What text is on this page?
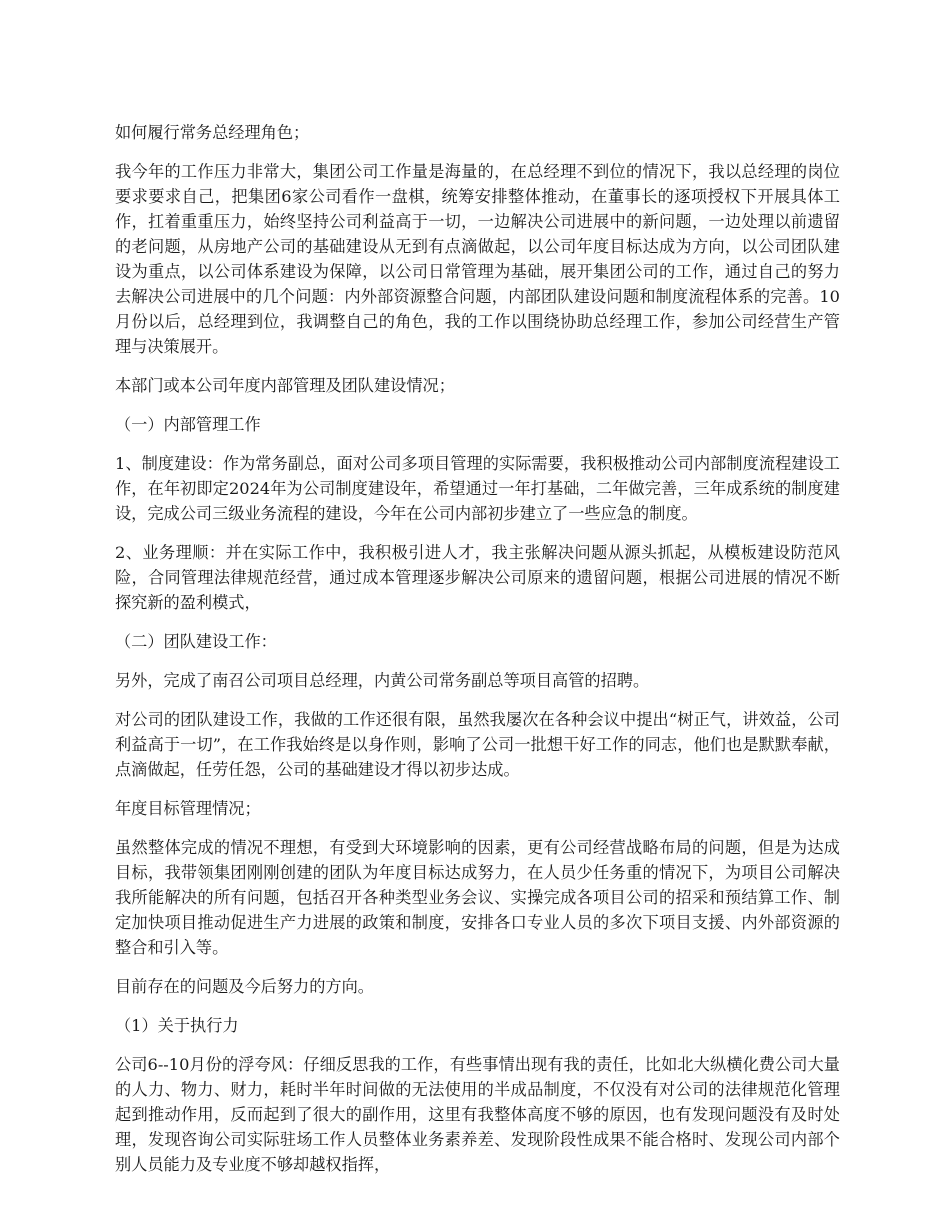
如何履行常务总经理角色；

我今年的工作压力非常大，集团公司工作量是海量的，在总经理不到位的情况下，我以总经理的岗位要求要求自己，把集团6家公司看作一盘棋，统筹安排整体推动，在董事长的逐项授权下开展具体工作，扛着重重压力，始终坚持公司利益高于一切，一边解决公司进展中的新问题，一边处理以前遗留的老问题，从房地产公司的基础建设从无到有点滴做起，以公司年度目标达成为方向，以公司团队建设为重点，以公司体系建设为保障，以公司日常管理为基础，展开集团公司的工作，通过自己的努力去解决公司进展中的几个问题：内外部资源整合问题，内部团队建设问题和制度流程体系的完善。10月份以后，总经理到位，我调整自己的角色，我的工作以围绕协助总经理工作，参加公司经营生产管理与决策展开。

本部门或本公司年度内部管理及团队建设情况；

（一）内部管理工作

1、制度建设：作为常务副总，面对公司多项目管理的实际需要，我积极推动公司内部制度流程建设工作，在年初即定2024年为公司制度建设年，希望通过一年打基础，二年做完善，三年成系统的制度建设，完成公司三级业务流程的建设，今年在公司内部初步建立了一些应急的制度。

2、业务理顺：并在实际工作中，我积极引进人才，我主张解决问题从源头抓起，从模板建设防范风险，合同管理法律规范经营，通过成本管理逐步解决公司原来的遗留问题，根据公司进展的情况不断探究新的盈利模式，

（二）团队建设工作：

另外，完成了南召公司项目总经理，内黄公司常务副总等项目高管的招聘。

对公司的团队建设工作，我做的工作还很有限，虽然我屡次在各种会议中提出“树正气，讲效益，公司利益高于一切”，在工作我始终是以身作则，影响了公司一批想干好工作的同志，他们也是默默奉献，点滴做起，任劳任怨，公司的基础建设才得以初步达成。

年度目标管理情况；

虽然整体完成的情况不理想，有受到大环境影响的因素，更有公司经营战略布局的问题，但是为达成目标，我带领集团刚刚创建的团队为年度目标达成努力，在人员少任务重的情况下，为项目公司解决我所能解决的所有问题，包括召开各种类型业务会议、实操完成各项目公司的招采和预结算工作、制定加快项目推动促进生产力进展的政策和制度，安排各口专业人员的多次下项目支援、内外部资源的整合和引入等。

目前存在的问题及今后努力的方向。

（1）关于执行力

公司6--10月份的浮夸风：仔细反思我的工作，有些事情出现有我的责任，比如北大纵横化费公司大量的人力、物力、财力，耗时半年时间做的无法使用的半成品制度，不仅没有对公司的法律规范化管理起到推动作用，反而起到了很大的副作用，这里有我整体高度不够的原因，也有发现问题没有及时处理，发现咨询公司实际驻场工作人员整体业务素养差、发现阶段性成果不能合格时、发现公司内部个别人员能力及专业度不够却越权指挥，
